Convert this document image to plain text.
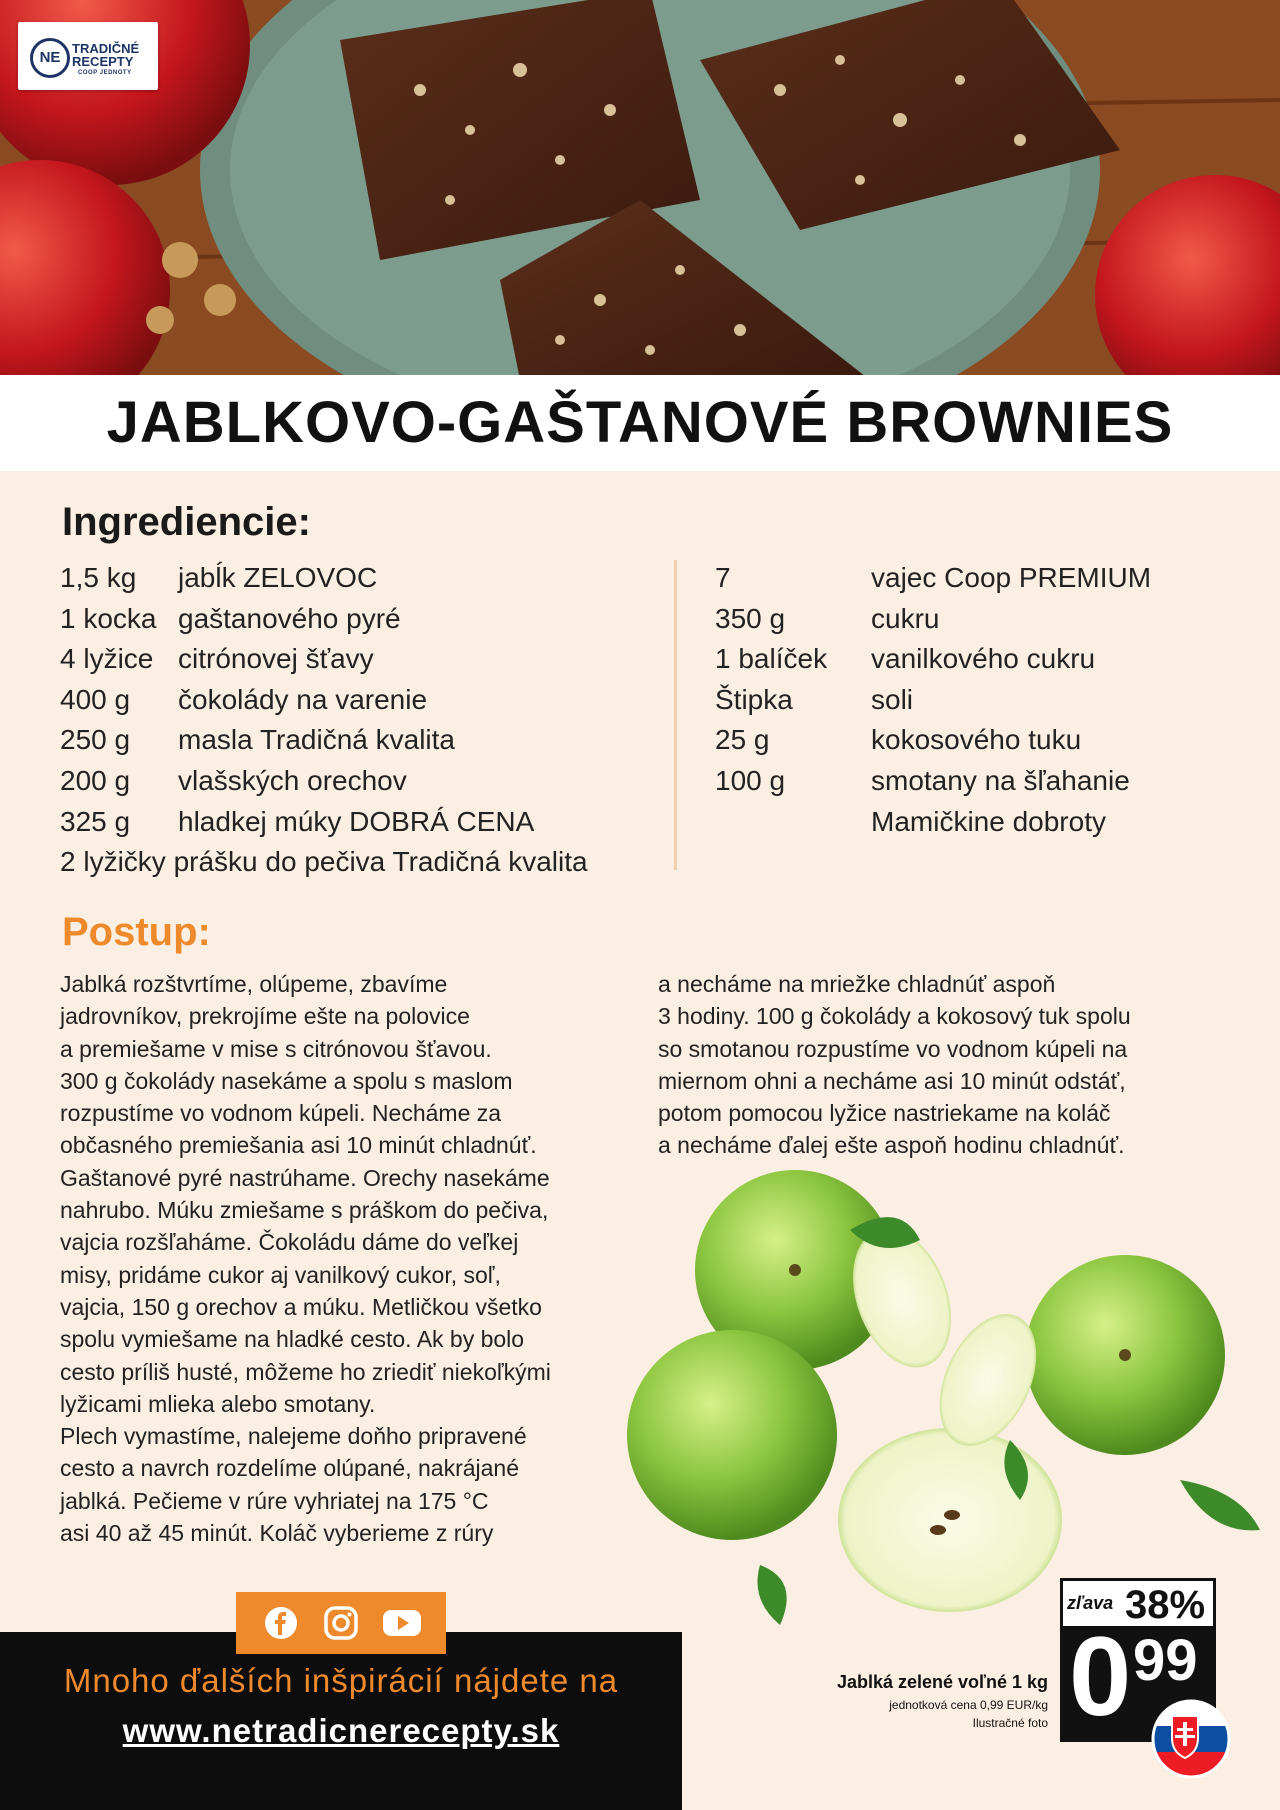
NE
TRADIČNÉ
RECEPTY
COOP JEDNOTY
JABLKOVO-GAŠTANOVÉ BROWNIES
Ingrediencie:
1,5 kg jabĺk ZELOVOC
1 kocka gaštanového pyré
4 lyžice citrónovej šťavy
400 g čokolády na varenie
250 g masla Tradičná kvalita
200 g vlašských orechov
325 g hladkej múky DOBRÁ CENA
2 lyžičky prášku do pečiva Tradičná kvalita
7	vajec Coop PREMIUM
350 g	cukru
1 balíček vanilkového cukru
Štipka	soli
25 g	kokosového tuku
100 g	smotany na šľahanie
Mamičkine dobroty
Postup:
Jablká rozštvrtíme, olúpeme, zbavíme
jadrovníkov, prekrojíme ešte na polovice
a premiešame v mise s citrónovou šťavou.
300 g čokolády nasekáme a spolu s maslom
rozpustíme vo vodnom kúpeli. Necháme za
občasného premiešania asi 10 minút chladnúť.
Gaštanové pyré nastrúhame. Orechy nasekáme
nahrubo. Múku zmiešame s práškom do pečiva,
vajcia rozšľaháme. Čokoládu dáme do veľkej
misy, pridáme cukor aj vanilkový cukor, soľ,
vajcia, 150 g orechov a múku. Metličkou všetko
spolu vymiešame na hladké cesto. Ak by bolo
cesto príliš husté, môžeme ho zriediť niekoľkými
lyžicami mlieka alebo smotany.
Plech vymastíme, nalejeme doňho pripravené
cesto a navrch rozdelíme olúpané, nakrájané
jablká. Pečieme v rúre vyhriatej na 175 °C
asi 40 až 45 minút. Koláč vyberieme z rúry
a necháme na mriežke chladnúť aspoň
3 hodiny. 100 g čokolády a kokosový tuk spolu
so smotanou rozpustíme vo vodnom kúpeli na
miernom ohni a necháme asi 10 minút odstáť,
potom pomocou lyžice nastriekame na koláč
a necháme ďalej ešte aspoň hodinu chladnúť.
Mnoho ďalších inšpirácií nájdete na
www.netradicnerecepty.sk
zľava 38%
0 99
Jablká zelené voľné 1 kg
jednotková cena 0,99 EUR/kg
Ilustračné foto
